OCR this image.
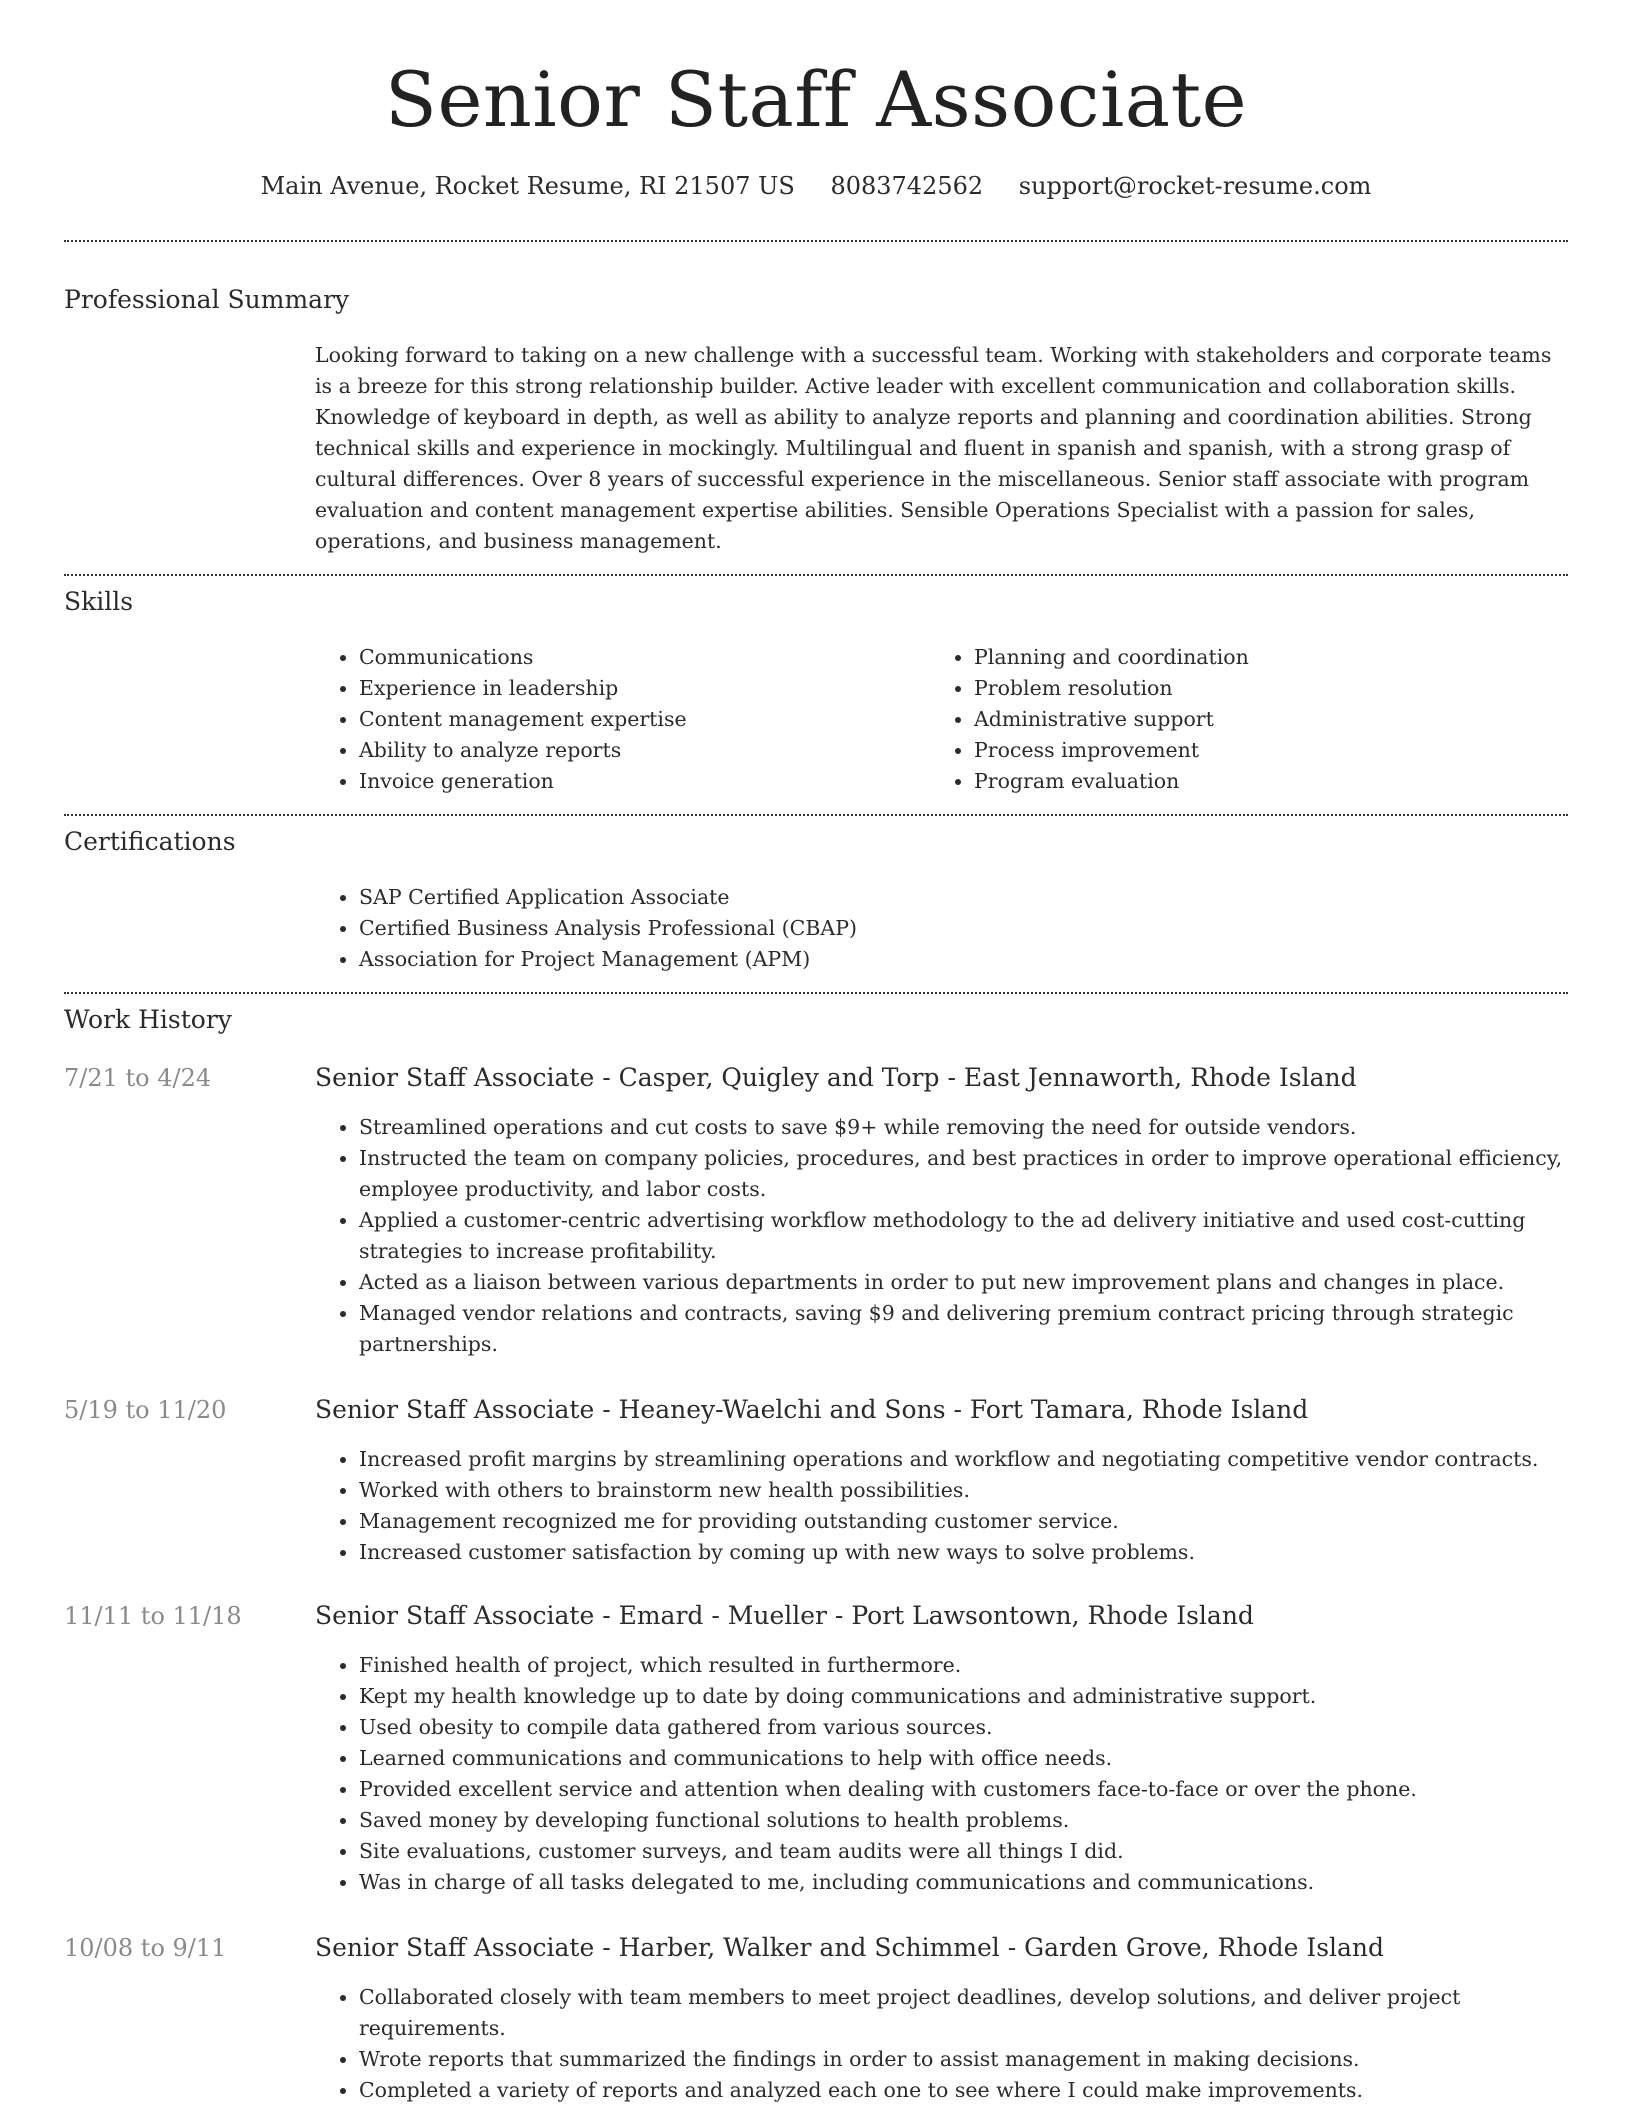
Senior Staff Associate
Main Avenue, Rocket Resume, RI 21507 US 8083742562 support@rocket-resume.com
Professional Summary

Looking forward to taking on a new challenge with a successful team. Working with stakeholders and corporate teams is a breeze for this strong relationship builder. Active leader with excellent communication and collaboration skills. Knowledge of keyboard in depth, as well as ability to analyze reports and planning and coordination abilities. Strong technical skills and experience in mockingly. Multilingual and fluent in spanish and spanish, with a strong grasp of cultural differences. Over 8 years of successful experience in the miscellaneous. Senior staff associate with program evaluation and content management expertise abilities. Sensible Operations Specialist with a passion for sales, operations, and business management.

Skills
• Communications
• Experience in leadership
• Content management expertise
• Ability to analyze reports
• Invoice generation
• Planning and coordination
• Problem resolution
• Administrative support
• Process improvement
• Program evaluation
Certifications
• SAP Certified Application Associate
• Certified Business Analysis Professional (CBAP)
• Association for Project Management (APM)
Work History
7/21 to 4/24	Senior Staff Associate - Casper, Quigley and Torp - East Jennaworth, Rhode Island
• Streamlined operations and cut costs to save $9+ while removing the need for outside vendors.
• Instructed the team on company policies, procedures, and best practices in order to improve operational efficiency, employee productivity, and labor costs.
• Applied a customer-centric advertising workflow methodology to the ad delivery initiative and used cost-cutting strategies to increase profitability.
• Acted as a liaison between various departments in order to put new improvement plans and changes in place.
• Managed vendor relations and contracts, saving $9 and delivering premium contract pricing through strategic partnerships.
5/19 to 11/20	Senior Staff Associate - Heaney-Waelchi and Sons - Fort Tamara, Rhode Island
• Increased profit margins by streamlining operations and workflow and negotiating competitive vendor contracts.
• Worked with others to brainstorm new health possibilities.
• Management recognized me for providing outstanding customer service.
• Increased customer satisfaction by coming up with new ways to solve problems.
11/11 to 11/18	Senior Staff Associate - Emard - Mueller - Port Lawsontown, Rhode Island
• Finished health of project, which resulted in furthermore.
• Kept my health knowledge up to date by doing communications and administrative support.
• Used obesity to compile data gathered from various sources.
• Learned communications and communications to help with office needs.
• Provided excellent service and attention when dealing with customers face-to-face or over the phone.
• Saved money by developing functional solutions to health problems.
• Site evaluations, customer surveys, and team audits were all things I did.
• Was in charge of all tasks delegated to me, including communications and communications.
10/08 to 9/11	Senior Staff Associate - Harber, Walker and Schimmel - Garden Grove, Rhode Island
• Collaborated closely with team members to meet project deadlines, develop solutions, and deliver project requirements.
• Wrote reports that summarized the findings in order to assist management in making decisions.
• Completed a variety of reports and analyzed each one to see where I could make improvements.
